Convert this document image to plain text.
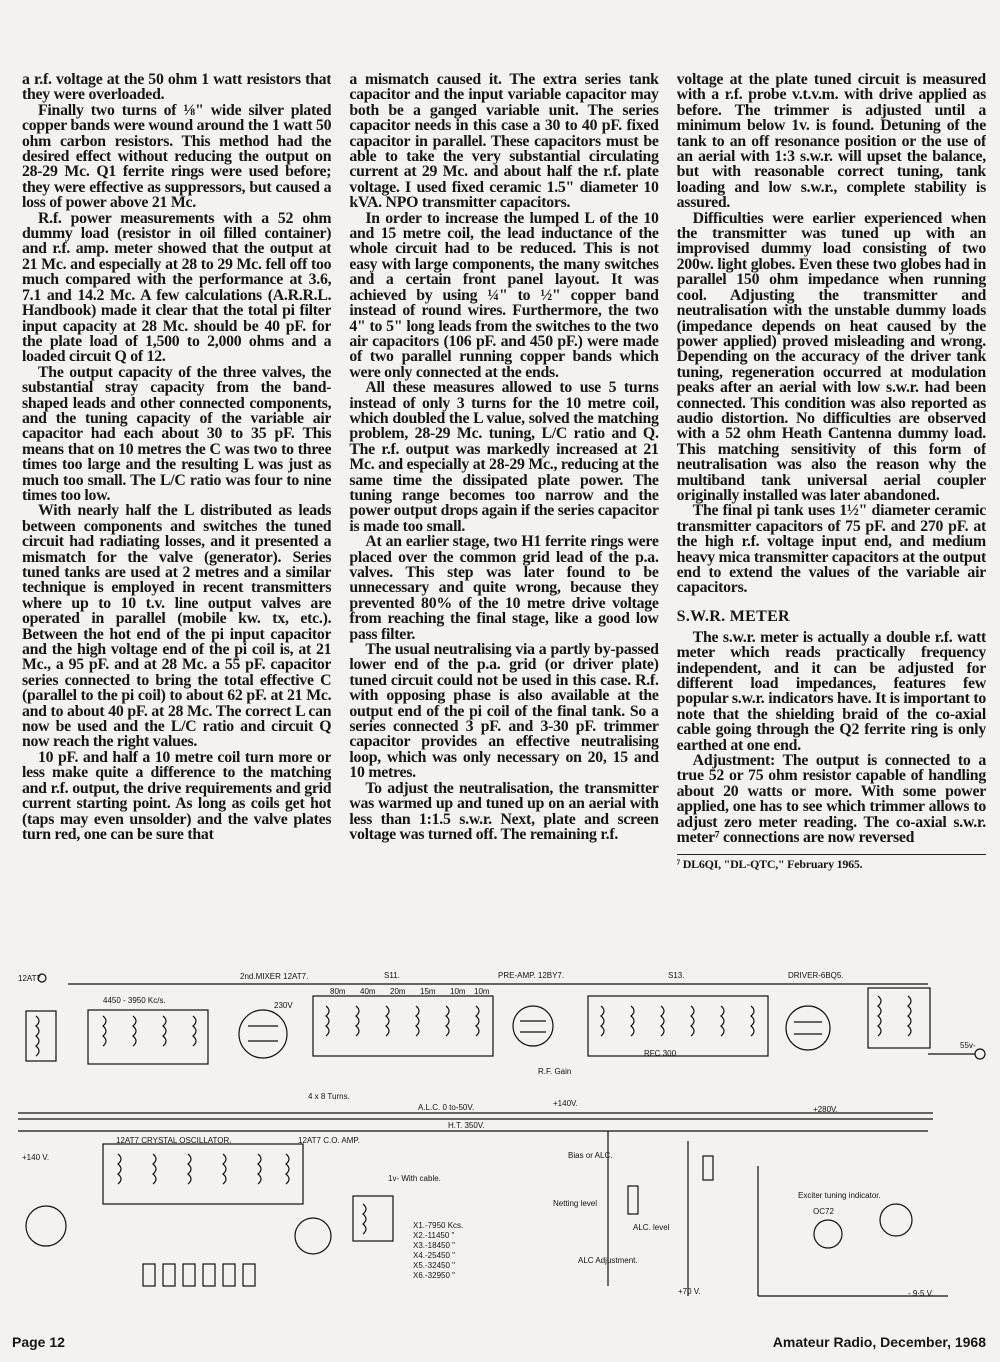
a r.f. voltage at the 50 ohm 1 watt resistors that they were overloaded.

Finally two turns of ⅛" wide silver plated copper bands were wound around the 1 watt 50 ohm carbon resistors. This method had the desired effect without reducing the output on 28-29 Mc. Q1 ferrite rings were used before; they were effective as suppressors, but caused a loss of power above 21 Mc.

R.f. power measurements with a 52 ohm dummy load (resistor in oil filled container) and r.f. amp. meter showed that the output at 21 Mc. and especially at 28 to 29 Mc. fell off too much compared with the performance at 3.6, 7.1 and 14.2 Mc. A few calculations (A.R.R.L. Handbook) made it clear that the total pi filter input capacity at 28 Mc. should be 40 pF. for the plate load of 1,500 to 2,000 ohms and a loaded circuit Q of 12.

The output capacity of the three valves, the substantial stray capacity from the band-shaped leads and other connected components, and the tuning capacity of the variable air capacitor had each about 30 to 35 pF. This means that on 10 metres the C was two to three times too large and the resulting L was just as much too small. The L/C ratio was four to nine times too low.

With nearly half the L distributed as leads between components and switches the tuned circuit had radiating losses, and it presented a mismatch for the valve (generator). Series tuned tanks are used at 2 metres and a similar technique is employed in recent transmitters where up to 10 t.v. line output valves are operated in parallel (mobile kw. tx, etc.). Between the hot end of the pi input capacitor and the high voltage end of the pi coil is, at 21 Mc., a 95 pF. and at 28 Mc. a 55 pF. capacitor series connected to bring the total effective C (parallel to the pi coil) to about 62 pF. at 21 Mc. and to about 40 pF. at 28 Mc. The correct L can now be used and the L/C ratio and circuit Q now reach the right values.

10 pF. and half a 10 metre coil turn more or less make quite a difference to the matching and r.f. output, the drive requirements and grid current starting point. As long as coils get hot (taps may even unsolder) and the valve plates turn red, one can be sure that

a mismatch caused it. The extra series tank capacitor and the input variable capacitor may both be a ganged variable unit. The series capacitor needs in this case a 30 to 40 pF. fixed capacitor in parallel. These capacitors must be able to take the very substantial circulating current at 29 Mc. and about half the r.f. plate voltage. I used fixed ceramic 1.5" diameter 10 kVA. NPO transmitter capacitors.

In order to increase the lumped L of the 10 and 15 metre coil, the lead inductance of the whole circuit had to be reduced. This is not easy with large components, the many switches and a certain front panel layout. It was achieved by using ¼" to ½" copper band instead of round wires. Furthermore, the two 4" to 5" long leads from the switches to the two air capacitors (106 pF. and 450 pF.) were made of two parallel running copper bands which were only connected at the ends.

All these measures allowed to use 5 turns instead of only 3 turns for the 10 metre coil, which doubled the L value, solved the matching problem, 28-29 Mc. tuning, L/C ratio and Q. The r.f. output was markedly increased at 21 Mc. and especially at 28-29 Mc., reducing at the same time the dissipated plate power. The tuning range becomes too narrow and the power output drops again if the series capacitor is made too small.

At an earlier stage, two H1 ferrite rings were placed over the common grid lead of the p.a. valves. This step was later found to be unnecessary and quite wrong, because they prevented 80% of the 10 metre drive voltage from reaching the final stage, like a good low pass filter.

The usual neutralising via a partly by-passed lower end of the p.a. grid (or driver plate) tuned circuit could not be used in this case. R.f. with opposing phase is also available at the output end of the pi coil of the final tank. So a series connected 3 pF. and 3-30 pF. trimmer capacitor provides an effective neutralising loop, which was only necessary on 20, 15 and 10 metres.

To adjust the neutralisation, the transmitter was warmed up and tuned up on an aerial with less than 1:1.5 s.w.r. Next, plate and screen voltage was turned off. The remaining r.f.

voltage at the plate tuned circuit is measured with a r.f. probe v.t.v.m. with drive applied as before. The trimmer is adjusted until a minimum below 1v. is found. Detuning of the tank to an off resonance position or the use of an aerial with 1:3 s.w.r. will upset the balance, but with reasonable correct tuning, tank loading and low s.w.r., complete stability is assured.

Difficulties were earlier experienced when the transmitter was tuned up with an improvised dummy load consisting of two 200w. light globes. Even these two globes had in parallel 150 ohm impedance when running cool. Adjusting the transmitter and neutralisation with the unstable dummy loads (impedance depends on heat caused by the power applied) proved misleading and wrong. Depending on the accuracy of the driver tank tuning, regeneration occurred at modulation peaks after an aerial with low s.w.r. had been connected. This condition was also reported as audio distortion. No difficulties are observed with a 52 ohm Heath Cantenna dummy load. This matching sensitivity of this form of neutralisation was also the reason why the multiband tank universal aerial coupler originally installed was later abandoned.

The final pi tank uses 1½" diameter ceramic transmitter capacitors of 75 pF. and 270 pF. at the high r.f. voltage input end, and medium heavy mica transmitter capacitors at the output end to extend the values of the variable air capacitors.

S.W.R. METER

The s.w.r. meter is actually a double r.f. watt meter which reads practically frequency independent, and it can be adjusted for different load impedances, features few popular s.w.r. indicators have. It is important to note that the shielding braid of the co-axial cable going through the Q2 ferrite ring is only earthed at one end.

Adjustment: The output is connected to a true 52 or 75 ohm resistor capable of handling about 20 watts or more. With some power applied, one has to see which trimmer allows to adjust zero meter reading. The co-axial s.w.r. meter⁷ connections are now reversed

⁷ DL6QI, "DL-QTC," February 1965.

12AT7
4450 - 3950 Kc/s.
2nd.MIXER 12AT7.
230V
S11.	PRE-AMP. 12BY7.	S13.	DRIVER-6BQ5.
A.L.C. 0 to-50V.
H.T. 350V.
12AT7 CRYSTAL OSCILLATOR.	12AT7 C.O. AMP.
1v- With cable.
4 x 8 Turns.
X1.-7950 Kcs.
X2.-11450 "
X3.-18450 "
X4.-25450 "
X5.-32450 "
X6.-32950 "
Bias or ALC.
Netting level
ALC. level
ALC Adjustment.
Exciter tuning indicator.
OC72
55v-
+140 V.
+70 V.	- 9·5 V.
+280V.
R.F. Gain
+140V.
RFC 300
80m 40m 20m 15m 10m 10m
Page 12	Amateur Radio, December, 1968
